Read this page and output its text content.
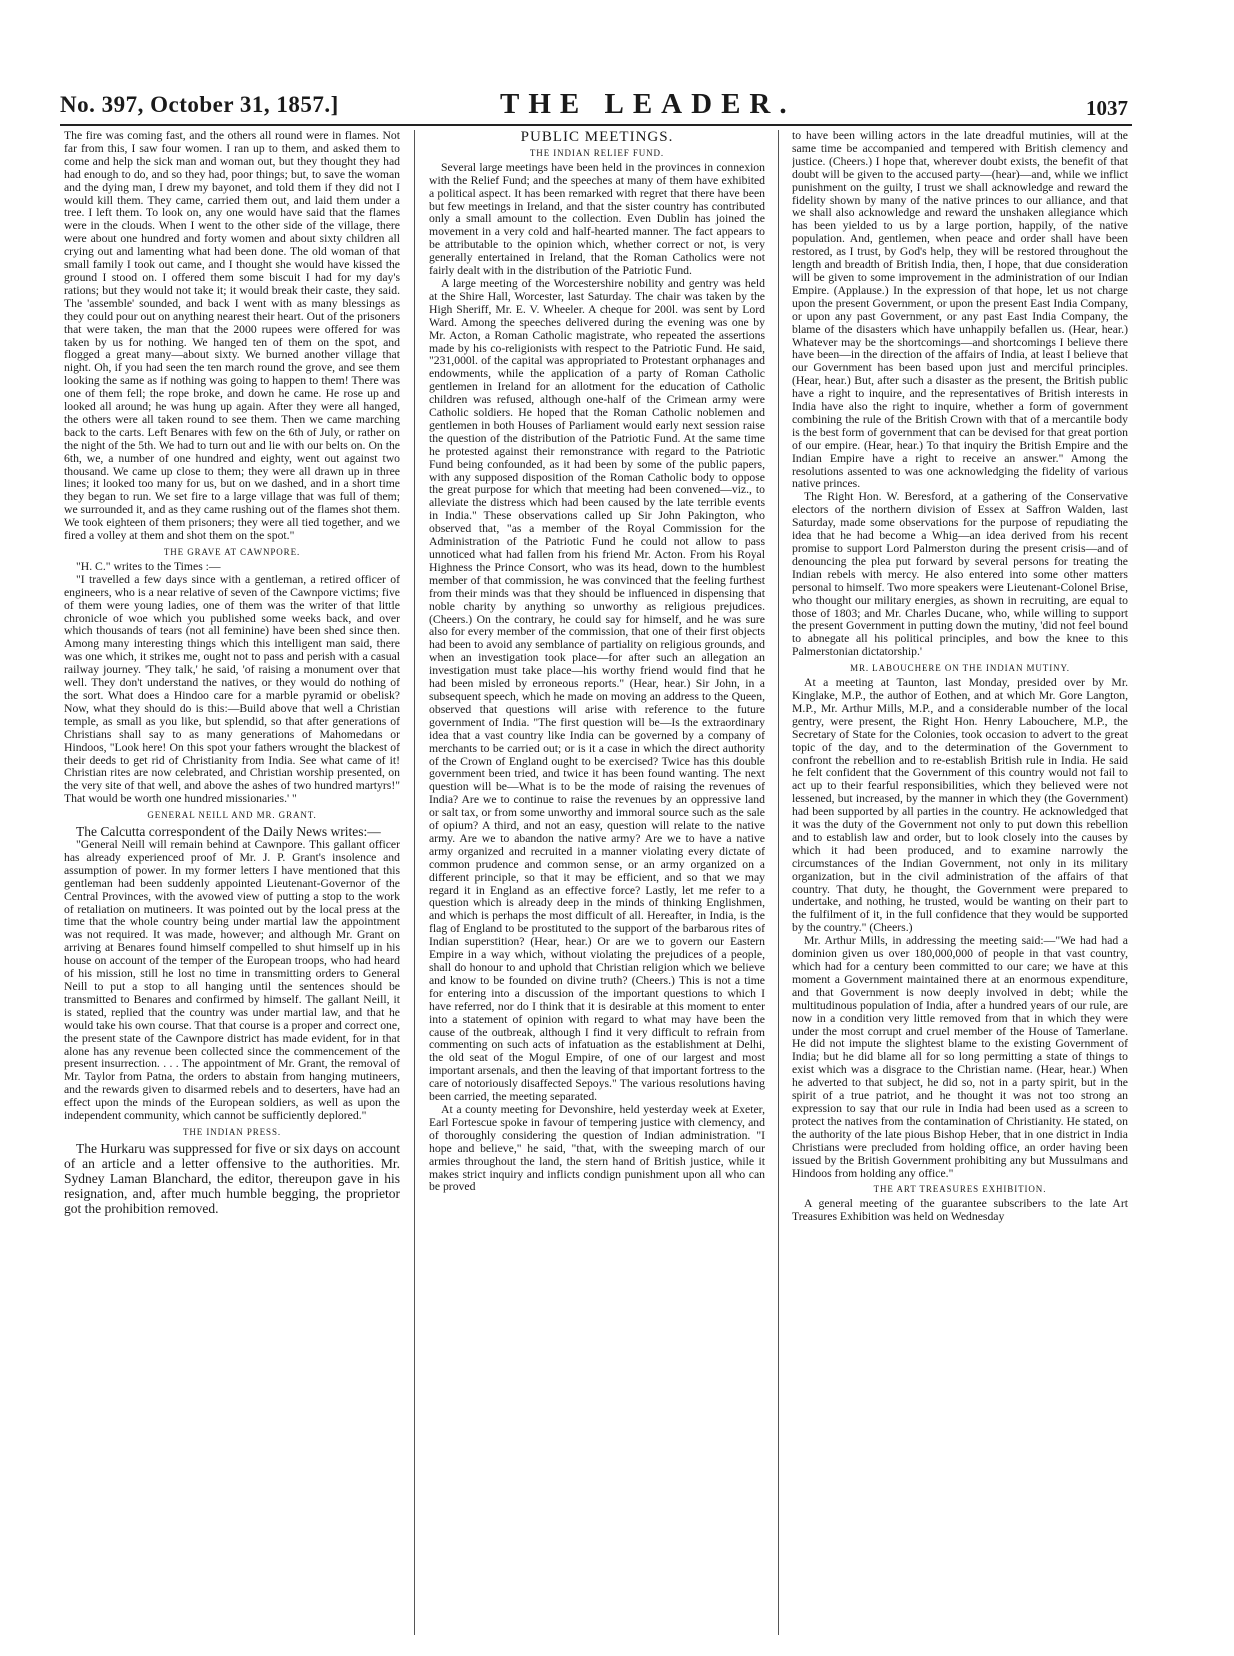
No. 397, October 31, 1857.]	THE LEADER.	1037

The fire was coming fast, and the others all round were in flames. Not far from this, I saw four women. I ran up to them, and asked them to come and help the sick man and woman out, but they thought they had had enough to do, and so they had, poor things; but, to save the woman and the dying man, I drew my bayonet, and told them if they did not I would kill them. They came, carried them out, and laid them under a tree. I left them. To look on, any one would have said that the flames were in the clouds. When I went to the other side of the village, there were about one hundred and forty women and about sixty children all crying out and lamenting what had been done. The old woman of that small family I took out came, and I thought she would have kissed the ground I stood on. I offered them some biscuit I had for my day's rations; but they would not take it; it would break their caste, they said. The 'assemble' sounded, and back I went with as many blessings as they could pour out on anything nearest their heart. Out of the prisoners that were taken, the man that the 2000 rupees were offered for was taken by us for nothing. We hanged ten of them on the spot, and flogged a great many—about sixty. We burned another village that night. Oh, if you had seen the ten march round the grove, and see them looking the same as if nothing was going to happen to them! There was one of them fell; the rope broke, and down he came. He rose up and looked all around; he was hung up again. After they were all hanged, the others were all taken round to see them. Then we came marching back to the carts. Left Benares with few on the 6th of July, or rather on the night of the 5th. We had to turn out and lie with our belts on. On the 6th, we, a number of one hundred and eighty, went out against two thousand. We came up close to them; they were all drawn up in three lines; it looked too many for us, but on we dashed, and in a short time they began to run. We set fire to a large village that was full of them; we surrounded it, and as they came rushing out of the flames shot them. We took eighteen of them prisoners; they were all tied together, and we fired a volley at them and shot them on the spot."

THE GRAVE AT CAWNPORE.

"H. C." writes to the Times :—

"I travelled a few days since with a gentleman, a retired officer of engineers, who is a near relative of seven of the Cawnpore victims; five of them were young ladies, one of them was the writer of that little chronicle of woe which you published some weeks back, and over which thousands of tears (not all feminine) have been shed since then. Among many interesting things which this intelligent man said, there was one which, it strikes me, ought not to pass and perish with a casual railway journey. 'They talk,' he said, 'of raising a monument over that well. They don't understand the natives, or they would do nothing of the sort. What does a Hindoo care for a marble pyramid or obelisk? Now, what they should do is this:—Build above that well a Christian temple, as small as you like, but splendid, so that after generations of Christians shall say to as many generations of Mahomedans or Hindoos, "Look here! On this spot your fathers wrought the blackest of their deeds to get rid of Christianity from India. See what came of it! Christian rites are now celebrated, and Christian worship presented, on the very site of that well, and above the ashes of two hundred martyrs!" That would be worth one hundred missionaries.' "

GENERAL NEILL AND MR. GRANT.

The Calcutta correspondent of the Daily News writes:—

"General Neill will remain behind at Cawnpore. This gallant officer has already experienced proof of Mr. J. P. Grant's insolence and assumption of power. In my former letters I have mentioned that this gentleman had been suddenly appointed Lieutenant-Governor of the Central Provinces, with the avowed view of putting a stop to the work of retaliation on mutineers. It was pointed out by the local press at the time that the whole country being under martial law the appointment was not required. It was made, however; and although Mr. Grant on arriving at Benares found himself compelled to shut himself up in his house on account of the temper of the European troops, who had heard of his mission, still he lost no time in transmitting orders to General Neill to put a stop to all hanging until the sentences should be transmitted to Benares and confirmed by himself. The gallant Neill, it is stated, replied that the country was under martial law, and that he would take his own course. That that course is a proper and correct one, the present state of the Cawnpore district has made evident, for in that alone has any revenue been collected since the commencement of the present insurrection. . . . The appointment of Mr. Grant, the removal of Mr. Taylor from Patna, the orders to abstain from hanging mutineers, and the rewards given to disarmed rebels and to deserters, have had an effect upon the minds of the European soldiers, as well as upon the independent community, which cannot be sufficiently deplored."

THE INDIAN PRESS.

The Hurkaru was suppressed for five or six days on account of an article and a letter offensive to the authorities. Mr. Sydney Laman Blanchard, the editor, thereupon gave in his resignation, and, after much humble begging, the proprietor got the prohibition removed.

PUBLIC MEETINGS.
THE INDIAN RELIEF FUND.

Several large meetings have been held in the provinces in connexion with the Relief Fund; and the speeches at many of them have exhibited a political aspect. It has been remarked with regret that there have been but few meetings in Ireland, and that the sister country has contributed only a small amount to the collection. Even Dublin has joined the movement in a very cold and half-hearted manner. The fact appears to be attributable to the opinion which, whether correct or not, is very generally entertained in Ireland, that the Roman Catholics were not fairly dealt with in the distribution of the Patriotic Fund.

A large meeting of the Worcestershire nobility and gentry was held at the Shire Hall, Worcester, last Saturday. The chair was taken by the High Sheriff, Mr. E. V. Wheeler. A cheque for 200l. was sent by Lord Ward. Among the speeches delivered during the evening was one by Mr. Acton, a Roman Catholic magistrate, who repeated the assertions made by his co-religionists with respect to the Patriotic Fund. He said, "231,000l. of the capital was appropriated to Protestant orphanages and endowments, while the application of a party of Roman Catholic gentlemen in Ireland for an allotment for the education of Catholic children was refused, although one-half of the Crimean army were Catholic soldiers. He hoped that the Roman Catholic noblemen and gentlemen in both Houses of Parliament would early next session raise the question of the distribution of the Patriotic Fund. At the same time he protested against their remonstrance with regard to the Patriotic Fund being confounded, as it had been by some of the public papers, with any supposed disposition of the Roman Catholic body to oppose the great purpose for which that meeting had been convened—viz., to alleviate the distress which had been caused by the late terrible events in India." These observations called up Sir John Pakington, who observed that, "as a member of the Royal Commission for the Administration of the Patriotic Fund he could not allow to pass unnoticed what had fallen from his friend Mr. Acton. From his Royal Highness the Prince Consort, who was its head, down to the humblest member of that commission, he was convinced that the feeling furthest from their minds was that they should be influenced in dispensing that noble charity by anything so unworthy as religious prejudices. (Cheers.) On the contrary, he could say for himself, and he was sure also for every member of the commission, that one of their first objects had been to avoid any semblance of partiality on religious grounds, and when an investigation took place—for after such an allegation an investigation must take place—his worthy friend would find that he had been misled by erroneous reports." (Hear, hear.) Sir John, in a subsequent speech, which he made on moving an address to the Queen, observed that questions will arise with reference to the future government of India. "The first question will be—Is the extraordinary idea that a vast country like India can be governed by a company of merchants to be carried out; or is it a case in which the direct authority of the Crown of England ought to be exercised? Twice has this double government been tried, and twice it has been found wanting. The next question will be—What is to be the mode of raising the revenues of India? Are we to continue to raise the revenues by an oppressive land or salt tax, or from some unworthy and immoral source such as the sale of opium? A third, and not an easy, question will relate to the native army. Are we to abandon the native army? Are we to have a native army organized and recruited in a manner violating every dictate of common prudence and common sense, or an army organized on a different principle, so that it may be efficient, and so that we may regard it in England as an effective force? Lastly, let me refer to a question which is already deep in the minds of thinking Englishmen, and which is perhaps the most difficult of all. Hereafter, in India, is the flag of England to be prostituted to the support of the barbarous rites of Indian superstition? (Hear, hear.) Or are we to govern our Eastern Empire in a way which, without violating the prejudices of a people, shall do honour to and uphold that Christian religion which we believe and know to be founded on divine truth? (Cheers.) This is not a time for entering into a discussion of the important questions to which I have referred, nor do I think that it is desirable at this moment to enter into a statement of opinion with regard to what may have been the cause of the outbreak, although I find it very difficult to refrain from commenting on such acts of infatuation as the establishment at Delhi, the old seat of the Mogul Empire, of one of our largest and most important arsenals, and then the leaving of that important fortress to the care of notoriously disaffected Sepoys." The various resolutions having been carried, the meeting separated.

At a county meeting for Devonshire, held yesterday week at Exeter, Earl Fortescue spoke in favour of tempering justice with clemency, and of thoroughly considering the question of Indian administration. "I hope and believe," he said, "that, with the sweeping march of our armies throughout the land, the stern hand of British justice, while it makes strict inquiry and inflicts condign punishment upon all who can be proved

to have been willing actors in the late dreadful mutinies, will at the same time be accompanied and tempered with British clemency and justice. (Cheers.) I hope that, wherever doubt exists, the benefit of that doubt will be given to the accused party—(hear)—and, while we inflict punishment on the guilty, I trust we shall acknowledge and reward the fidelity shown by many of the native princes to our alliance, and that we shall also acknowledge and reward the unshaken allegiance which has been yielded to us by a large portion, happily, of the native population. And, gentlemen, when peace and order shall have been restored, as I trust, by God's help, they will be restored throughout the length and breadth of British India, then, I hope, that due consideration will be given to some improvement in the administration of our Indian Empire. (Applause.) In the expression of that hope, let us not charge upon the present Government, or upon the present East India Company, or upon any past Government, or any past East India Company, the blame of the disasters which have unhappily befallen us. (Hear, hear.) Whatever may be the shortcomings—and shortcomings I believe there have been—in the direction of the affairs of India, at least I believe that our Government has been based upon just and merciful principles. (Hear, hear.) But, after such a disaster as the present, the British public have a right to inquire, and the representatives of British interests in India have also the right to inquire, whether a form of government combining the rule of the British Crown with that of a mercantile body is the best form of government that can be devised for that great portion of our empire. (Hear, hear.) To that inquiry the British Empire and the Indian Empire have a right to receive an answer." Among the resolutions assented to was one acknowledging the fidelity of various native princes.

The Right Hon. W. Beresford, at a gathering of the Conservative electors of the northern division of Essex at Saffron Walden, last Saturday, made some observations for the purpose of repudiating the idea that he had become a Whig—an idea derived from his recent promise to support Lord Palmerston during the present crisis—and of denouncing the plea put forward by several persons for treating the Indian rebels with mercy. He also entered into some other matters personal to himself. Two more speakers were Lieutenant-Colonel Brise, who thought our military energies, as shown in recruiting, are equal to those of 1803; and Mr. Charles Ducane, who, while willing to support the present Government in putting down the mutiny, 'did not feel bound to abnegate all his political principles, and bow the knee to this Palmerstonian dictatorship.'

MR. LABOUCHERE ON THE INDIAN MUTINY.

At a meeting at Taunton, last Monday, presided over by Mr. Kinglake, M.P., the author of Eothen, and at which Mr. Gore Langton, M.P., Mr. Arthur Mills, M.P., and a considerable number of the local gentry, were present, the Right Hon. Henry Labouchere, M.P., the Secretary of State for the Colonies, took occasion to advert to the great topic of the day, and to the determination of the Government to confront the rebellion and to re-establish British rule in India. He said he felt confident that the Government of this country would not fail to act up to their fearful responsibilities, which they believed were not lessened, but increased, by the manner in which they (the Government) had been supported by all parties in the country. He acknowledged that it was the duty of the Government not only to put down this rebellion and to establish law and order, but to look closely into the causes by which it had been produced, and to examine narrowly the circumstances of the Indian Government, not only in its military organization, but in the civil administration of the affairs of that country. That duty, he thought, the Government were prepared to undertake, and nothing, he trusted, would be wanting on their part to the fulfilment of it, in the full confidence that they would be supported by the country." (Cheers.)

Mr. Arthur Mills, in addressing the meeting said:—"We had had a dominion given us over 180,000,000 of people in that vast country, which had for a century been committed to our care; we have at this moment a Government maintained there at an enormous expenditure, and that Government is now deeply involved in debt; while the multitudinous population of India, after a hundred years of our rule, are now in a condition very little removed from that in which they were under the most corrupt and cruel member of the House of Tamerlane. He did not impute the slightest blame to the existing Government of India; but he did blame all for so long permitting a state of things to exist which was a disgrace to the Christian name. (Hear, hear.) When he adverted to that subject, he did so, not in a party spirit, but in the spirit of a true patriot, and he thought it was not too strong an expression to say that our rule in India had been used as a screen to protect the natives from the contamination of Christianity. He stated, on the authority of the late pious Bishop Heber, that in one district in India Christians were precluded from holding office, an order having been issued by the British Government prohibiting any but Mussulmans and Hindoos from holding any office."

THE ART TREASURES EXHIBITION.

A general meeting of the guarantee subscribers to the late Art Treasures Exhibition was held on Wednesday
